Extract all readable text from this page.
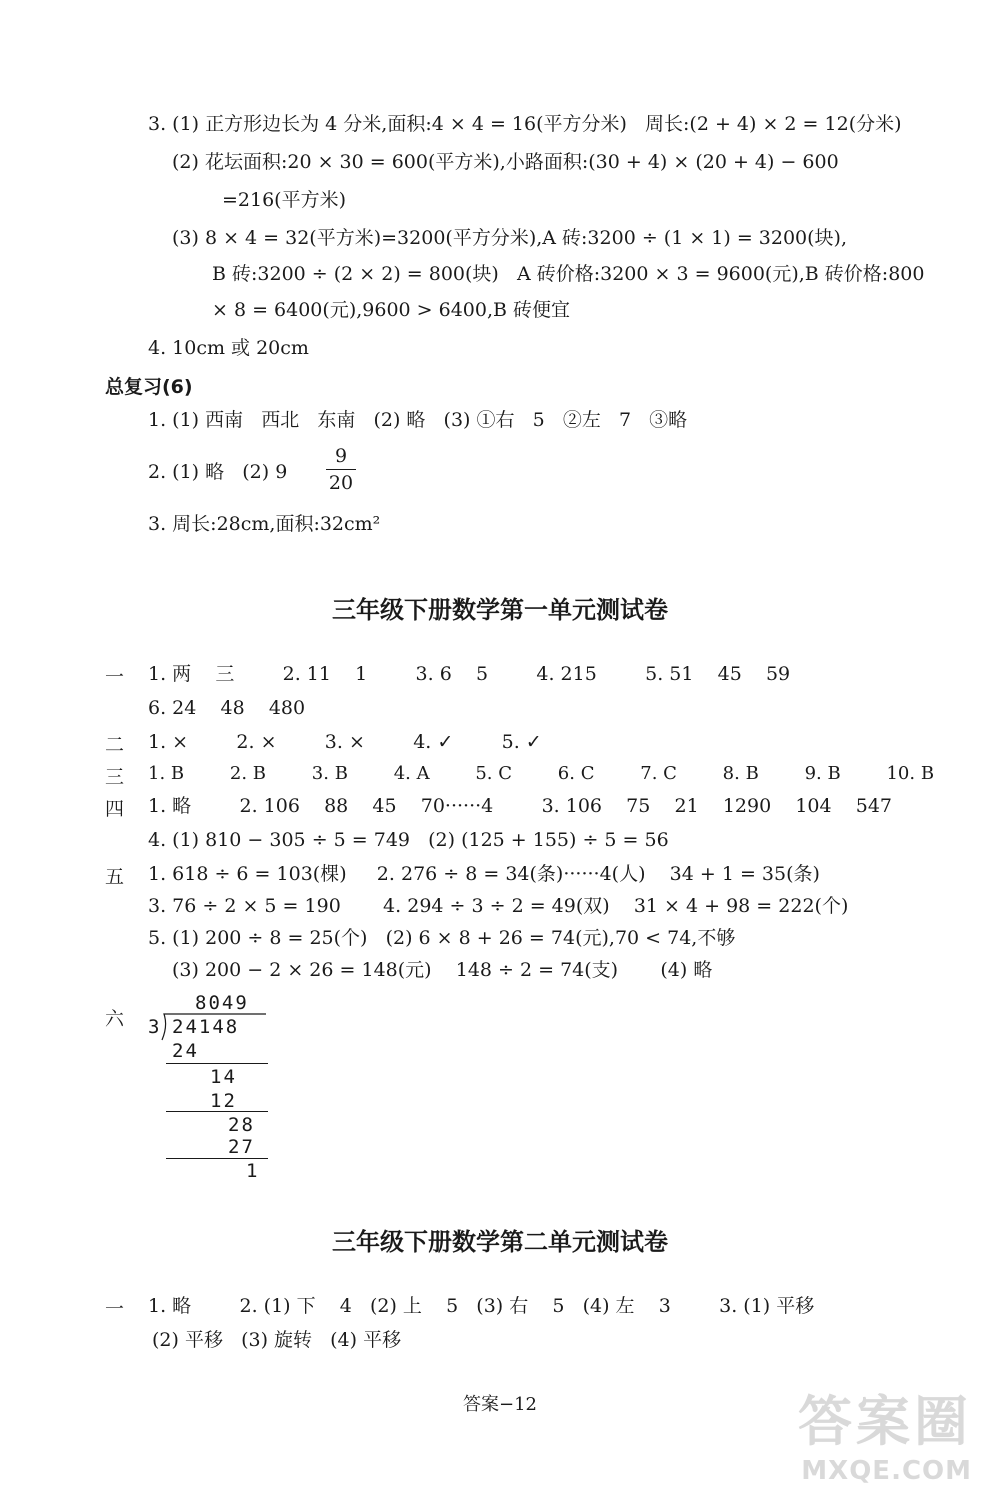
3. (1) 正方形边长为 4 分米,面积:4 × 4 = 16(平方分米)   周长:(2 + 4) × 2 = 12(分米)
(2) 花坛面积:20 × 30 = 600(平方米),小路面积:(30 + 4) × (20 + 4) − 600
=216(平方米)
(3) 8 × 4 = 32(平方米)=3200(平方分米),A 砖:3200 ÷ (1 × 1) = 3200(块),
B 砖:3200 ÷ (2 × 2) = 800(块)   A 砖价格:3200 × 3 = 9600(元),B 砖价格:800
× 8 = 6400(元),9600 > 6400,B 砖便宜
4. 10cm 或 20cm
总复习(6)
1. (1) 西南   西北   东南   (2) 略   (3) ①右   5   ②左   7   ③略
2. (1) 略   (2) 9
9
20
3. 周长:28cm,面积:32cm²
三年级下册数学第一单元测试卷
一 1. 两    三        2. 11    1        3. 6    5        4. 215        5. 51    45    59
6. 24    48    480
二 1. ×        2. ×        3. ×        4. ✓        5. ✓
三 1. B        2. B        3. B        4. A        5. C        6. C        7. C        8. B        9. B        10. B
四 1. 略        2. 106    88    45    70······4        3. 106    75    21    1290    104    547
4. (1) 810 − 305 ÷ 5 = 749   (2) (125 + 155) ÷ 5 = 56
五 1. 618 ÷ 6 = 103(棵)     2. 276 ÷ 8 = 34(条)······4(人)    34 + 1 = 35(条)
3. 76 ÷ 2 × 5 = 190       4. 294 ÷ 3 ÷ 2 = 49(双)    31 × 4 + 98 = 222(个)
5. (1) 200 ÷ 8 = 25(个)   (2) 6 × 8 + 26 = 74(元),70 < 74,不够
(3) 200 − 2 × 26 = 148(元)    148 ÷ 2 = 74(支)       (4) 略
六
8049
3 24148
24
14
12
28
27
1
三年级下册数学第二单元测试卷
一 1. 略        2. (1) 下    4   (2) 上    5   (3) 右    5   (4) 左    3        3. (1) 平移
(2) 平移   (3) 旋转   (4) 平移
答案−12	答案圈
MXQE.COM
